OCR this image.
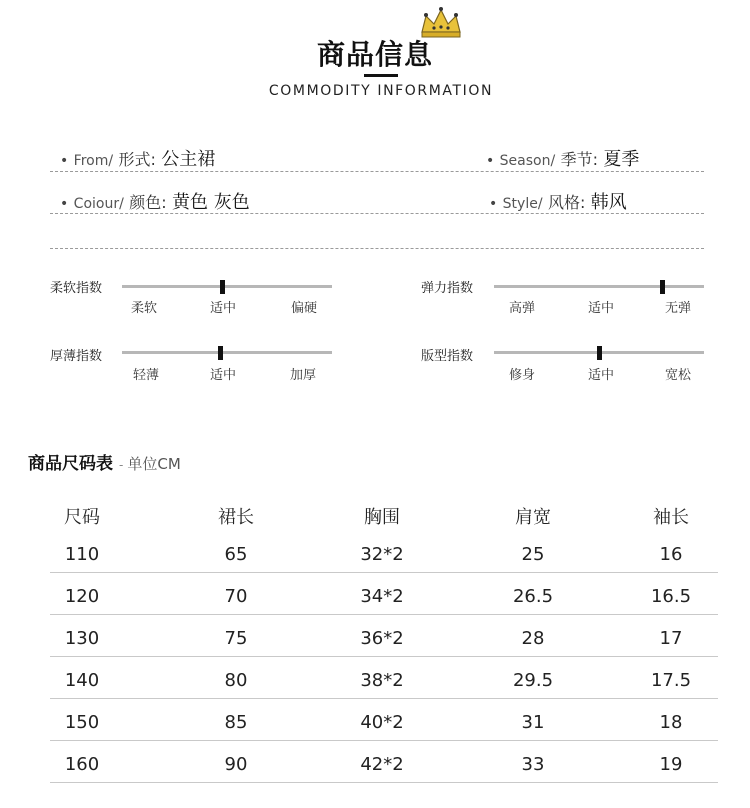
商品信息
COMMODITY INFORMATION
• From/ 形式: 公主裙	• Season/ 季节: 夏季
• Coiour/ 颜色: 黄色 灰色	• Style/ 风格: 韩风
柔软指数
柔软	适中	偏硬
弹力指数
高弹	适中	无弹
厚薄指数
轻薄	适中	加厚
版型指数
修身	适中	宽松
商品尺码表 - 单位CM
尺码	裙长	胸围	肩宽	袖长
110	65	32*2	25	16
120	70	34*2	26.5	16.5
130	75	36*2	28	17
140	80	38*2	29.5	17.5
150	85	40*2	31	18
160	90	42*2	33	19
